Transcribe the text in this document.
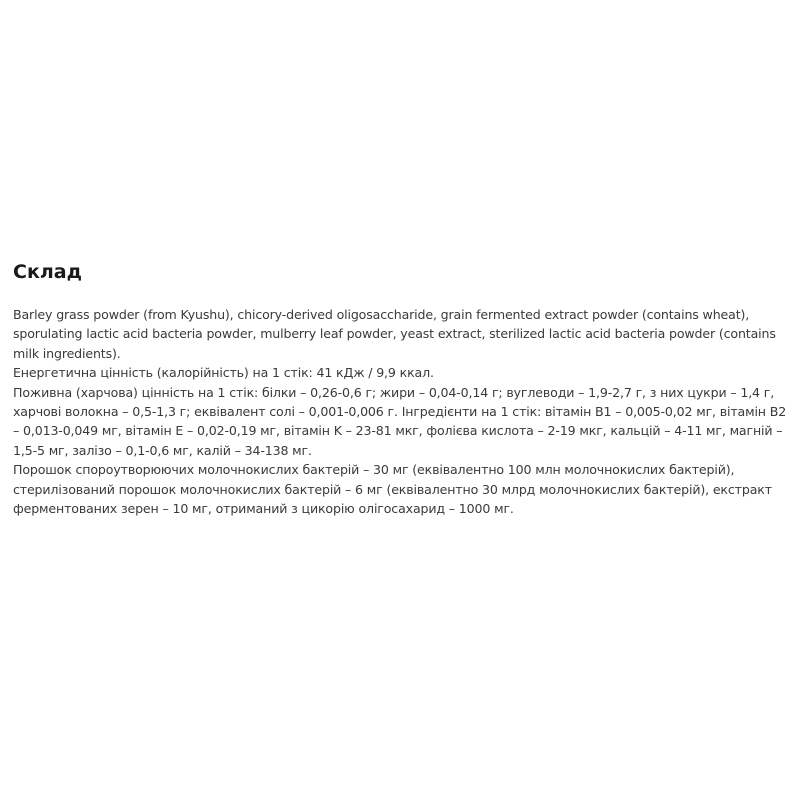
Склад

Barley grass powder (from Kyushu), chicory-derived oligosaccharide, grain fermented extract powder (contains wheat), sporulating lactic acid bacteria powder, mulberry leaf powder, yeast extract, sterilized lactic acid bacteria powder (contains milk ingredients).

Енергетична цінність (калорійність) на 1 стік: 41 кДж / 9,9 ккал.

Поживна (харчова) цінність на 1 стік: білки – 0,26-0,6 г; жири – 0,04-0,14 г; вуглеводи – 1,9-2,7 г, з них цукри – 1,4 г, харчові волокна – 0,5-1,3 г; еквівалент солі – 0,001-0,006 г. Інгредієнти на 1 стік: вітамін B1 – 0,005-0,02 мг, вітамін B2 – 0,013-0,049 мг, вітамін E – 0,02-0,19 мг, вітамін K – 23-81 мкг, фолієва кислота – 2-19 мкг, кальцій – 4-11 мг, магній – 1,5-5 мг, залізо – 0,1-0,6 мг, калій – 34-138 мг.

Порошок спороутворюючих молочнокислих бактерій – 30 мг (еквівалентно 100 млн молочнокислих бактерій), стерилізований порошок молочнокислих бактерій – 6 мг (еквівалентно 30 млрд молочнокислих бактерій), екстракт ферментованих зерен – 10 мг, отриманий з цикорію олігосахарид – 1000 мг.
